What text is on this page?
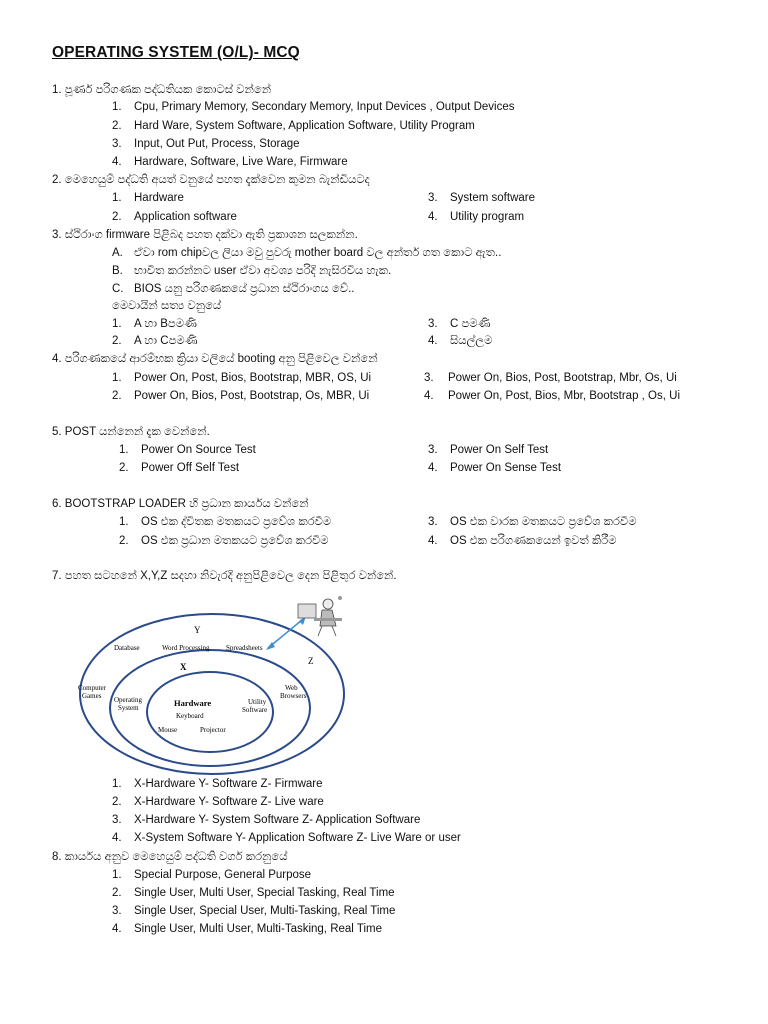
OPERATING SYSTEM (O/L)- MCQ
1. පූර්ණ පරිගණක පද්ධතියක කොටස් වන්නේ
1. Cpu, Primary Memory, Secondary Memory, Input Devices , Output Devices
2. Hard Ware, System Software, Application Software, Utility Program
3. Input, Out Put, Process, Storage
4. Hardware, Software, Live Ware, Firmware
2. මෙහෙයුම් පද්ධති අයත් වනුයේ පහත දැක්වෙන කුමන බැන්ඩියටද
1. Hardware
2. Application software
3. System software
4. Utility program
3. ස්ථිරාංග firmware පිළිබද පහත දක්වා ඇති ප්‍රකාශන සලකන්න.
A. ඒවා rom chipවල ලියා මවු පුවරු mother board වල අන්තර් ගත කොට ඇත..
B. භාවිත කරන්නට user ඒවා අවශ්‍ය පරිදි නැසිරවිය හැක.
C. BIOS යනු පරිගණකයේ ප්‍රධාන ස්ථිරාංගය වේ..
මෙවායින් සත්‍ය වනුයේ
1. A හා Bපමණි
2. A හා Cපමණි
3. C පමණි
4. සියල්ලම
4. පරිගණකයේ ආරම්භක ක්‍රියා වලියේ booting අනු පිළිවෙල වන්නේ
1. Power On, Post, Bios, Bootstrap, MBR, OS, Ui
2. Power On, Bios, Post, Bootstrap, Os, MBR, Ui
3. Power On, Bios, Post, Bootstrap, Mbr, Os, Ui
4. Power On, Post, Bios, Mbr, Bootstrap , Os, Ui
5. POST යන්නෙන් දැක වෙන්නේ.
1. Power On Source Test
2. Power Off Self Test
3. Power On Self Test
4. Power On Sense Test
6. BOOTSTRAP LOADER හි ප්‍රධාන කාර්යය වන්නේ
1. OS එක ද්විතක මතකයට ප්‍රවේශ කරවීම
2. OS එක ප්‍රධාන මතකයට ප්‍රවේශ කරවීම
3. OS එක වාරක මතකයට ප්‍රවේශ කරවීම
4. OS එක පරිගණකයෙන් ඉවත් කිරීම
7. පහත සටහනේ X,Y,Z සදහා නිවැරදි අනුපිළිවෙල දෙන පිළිතුර වන්නේ.
Y
X
Database	Word Processing Spreadsheets
Computer
Games
Web
Browsers
Operating
System
Utility
Software
Hardware
Keyboard
Mouse	Projector
Z
1. X-Hardware Y- Software Z- Firmware
2. X-Hardware Y- Software Z- Live ware
3. X-Hardware Y- System Software Z- Application Software
4. X-System Software Y- Application Software Z- Live Ware or user
8. කාර්යය අනුව මෙහෙයුම් පද්ධති වර්ග කරනුයේ
1. Special Purpose, General Purpose
2. Single User, Multi User, Special Tasking, Real Time
3. Single User, Special User, Multi-Tasking, Real Time
4. Single User, Multi User, Multi-Tasking, Real Time
